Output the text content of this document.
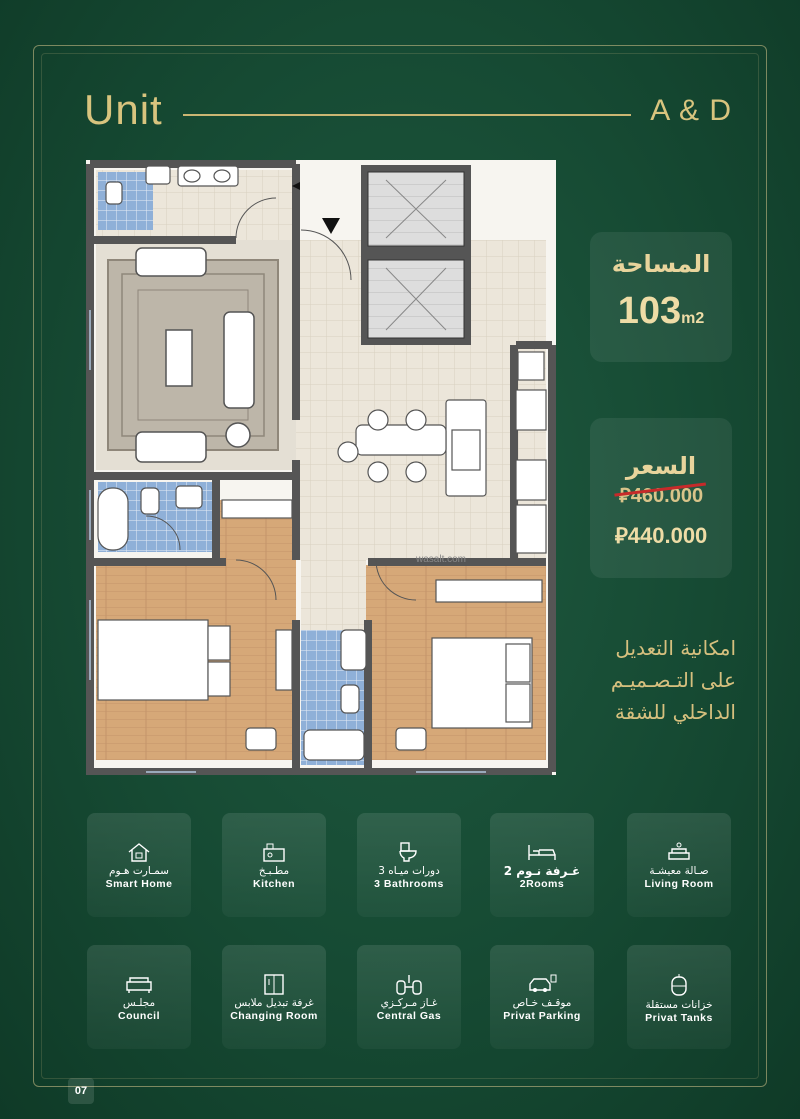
Unit	A & D
wasalt.com
المساحة
103m2
السعر
⃁460.000
⃁440.000
امكانية التعديل
على التـصـميـم
الداخلي للشقة
سمـارت هـوم
Smart Home
مطـبـخ
Kitchen
3 دورات ميـاه
3 Bathrooms
2 غـرفة نـوم
2Rooms
صـالة معيشـة
Living Room
مجلـس
Council
غرفة تبديل ملابس
Changing Room
غـاز مـركـزي
Central Gas
موقـف خـاص
Privat Parking
خزانات مستقلة
Privat Tanks
07
